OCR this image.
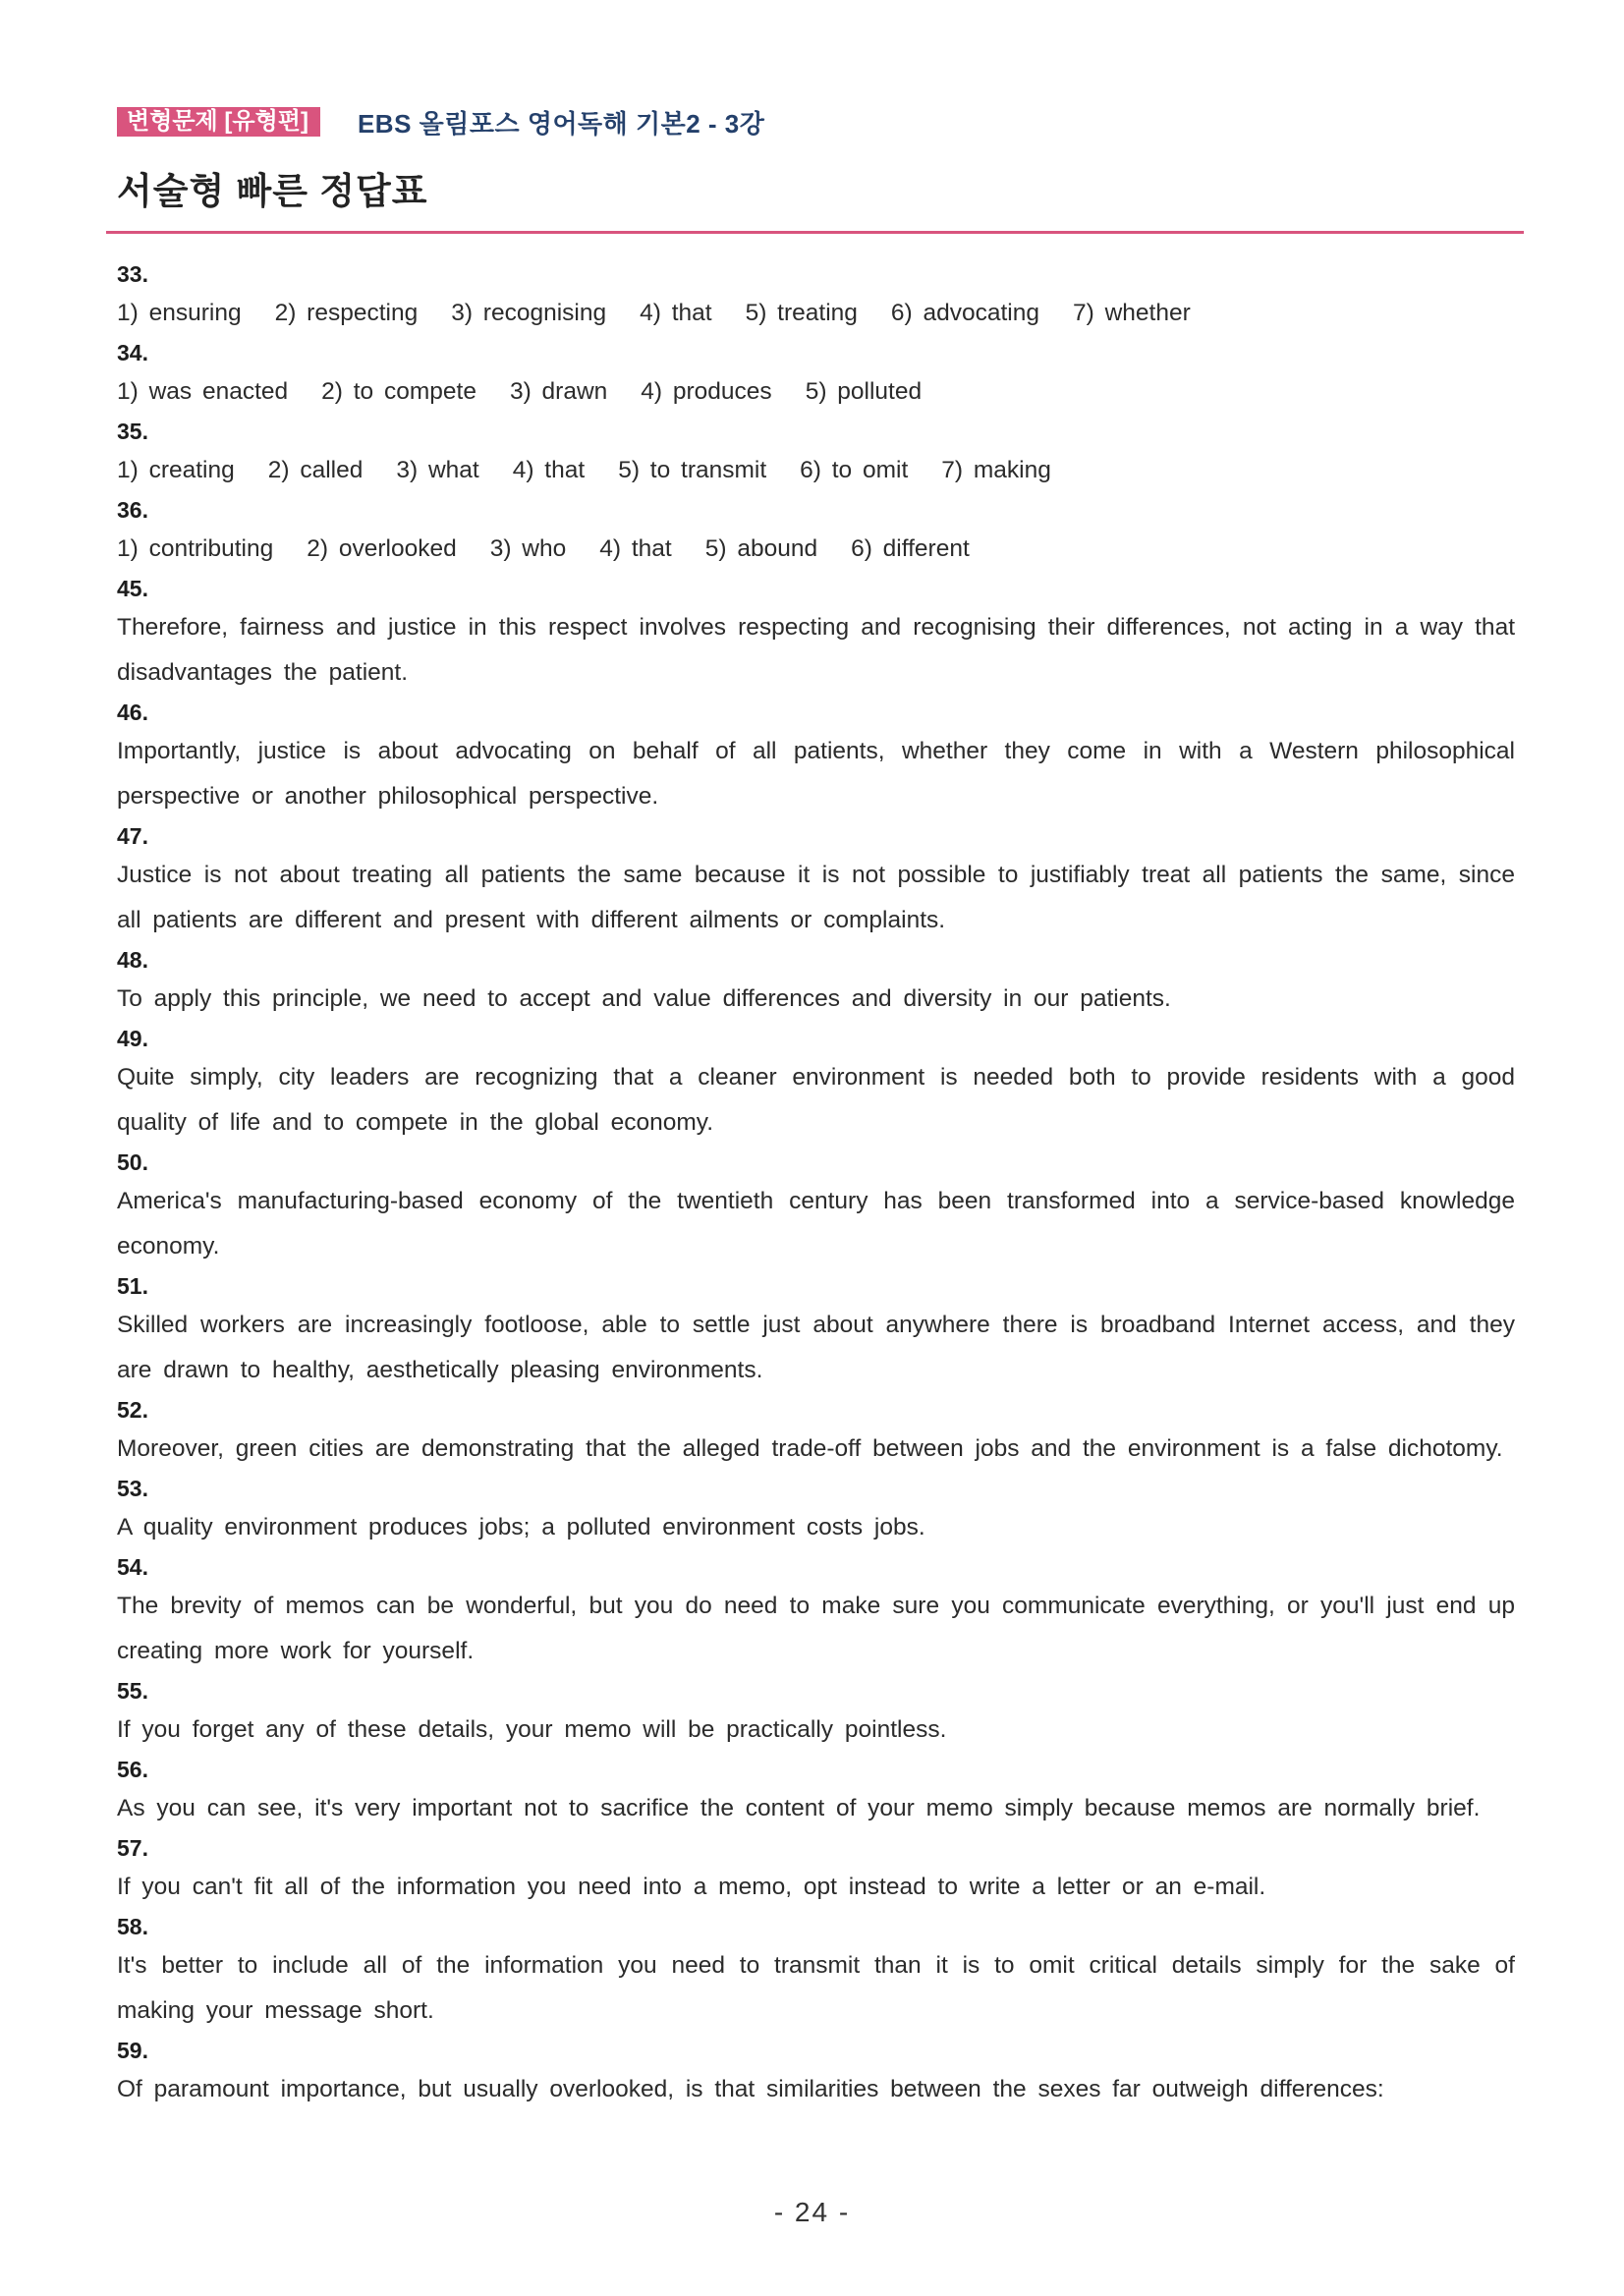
변형문제 [유형편]	EBS 올림포스 영어독해 기본2 - 3강
서술형 빠른 정답표
33.
1) ensuring 2) respecting 3) recognising 4) that 5) treating 6) advocating 7) whether
34.
1) was enacted 2) to compete 3) drawn 4) produces 5) polluted
35.
1) creating 2) called 3) what 4) that 5) to transmit 6) to omit 7) making
36.
1) contributing 2) overlooked 3) who 4) that 5) abound 6) different
45.
Therefore, fairness and justice in this respect involves respecting and recognising their differences, not acting in a way that disadvantages the patient.
46.
Importantly, justice is about advocating on behalf of all patients, whether they come in with a Western philosophical perspective or another philosophical perspective.
47.
Justice is not about treating all patients the same because it is not possible to justifiably treat all patients the same, since all patients are different and present with different ailments or complaints.
48.
To apply this principle, we need to accept and value differences and diversity in our patients.
49.
Quite simply, city leaders are recognizing that a cleaner environment is needed both to provide residents with a good quality of life and to compete in the global economy.
50.
America's manufacturing-based economy of the twentieth century has been transformed into a service-based knowledge economy.
51.
Skilled workers are increasingly footloose, able to settle just about anywhere there is broadband Internet access, and they are drawn to healthy, aesthetically pleasing environments.
52.
Moreover, green cities are demonstrating that the alleged trade-off between jobs and the environment is a false dichotomy.
53.
A quality environment produces jobs; a polluted environment costs jobs.
54.
The brevity of memos can be wonderful, but you do need to make sure you communicate everything, or you'll just end up creating more work for yourself.
55.
If you forget any of these details, your memo will be practically pointless.
56.
As you can see, it's very important not to sacrifice the content of your memo simply because memos are normally brief.
57.
If you can't fit all of the information you need into a memo, opt instead to write a letter or an e-mail.
58.
It's better to include all of the information you need to transmit than it is to omit critical details simply for the sake of making your message short.
59.
Of paramount importance, but usually overlooked, is that similarities between the sexes far outweigh differences:
- 24 -
